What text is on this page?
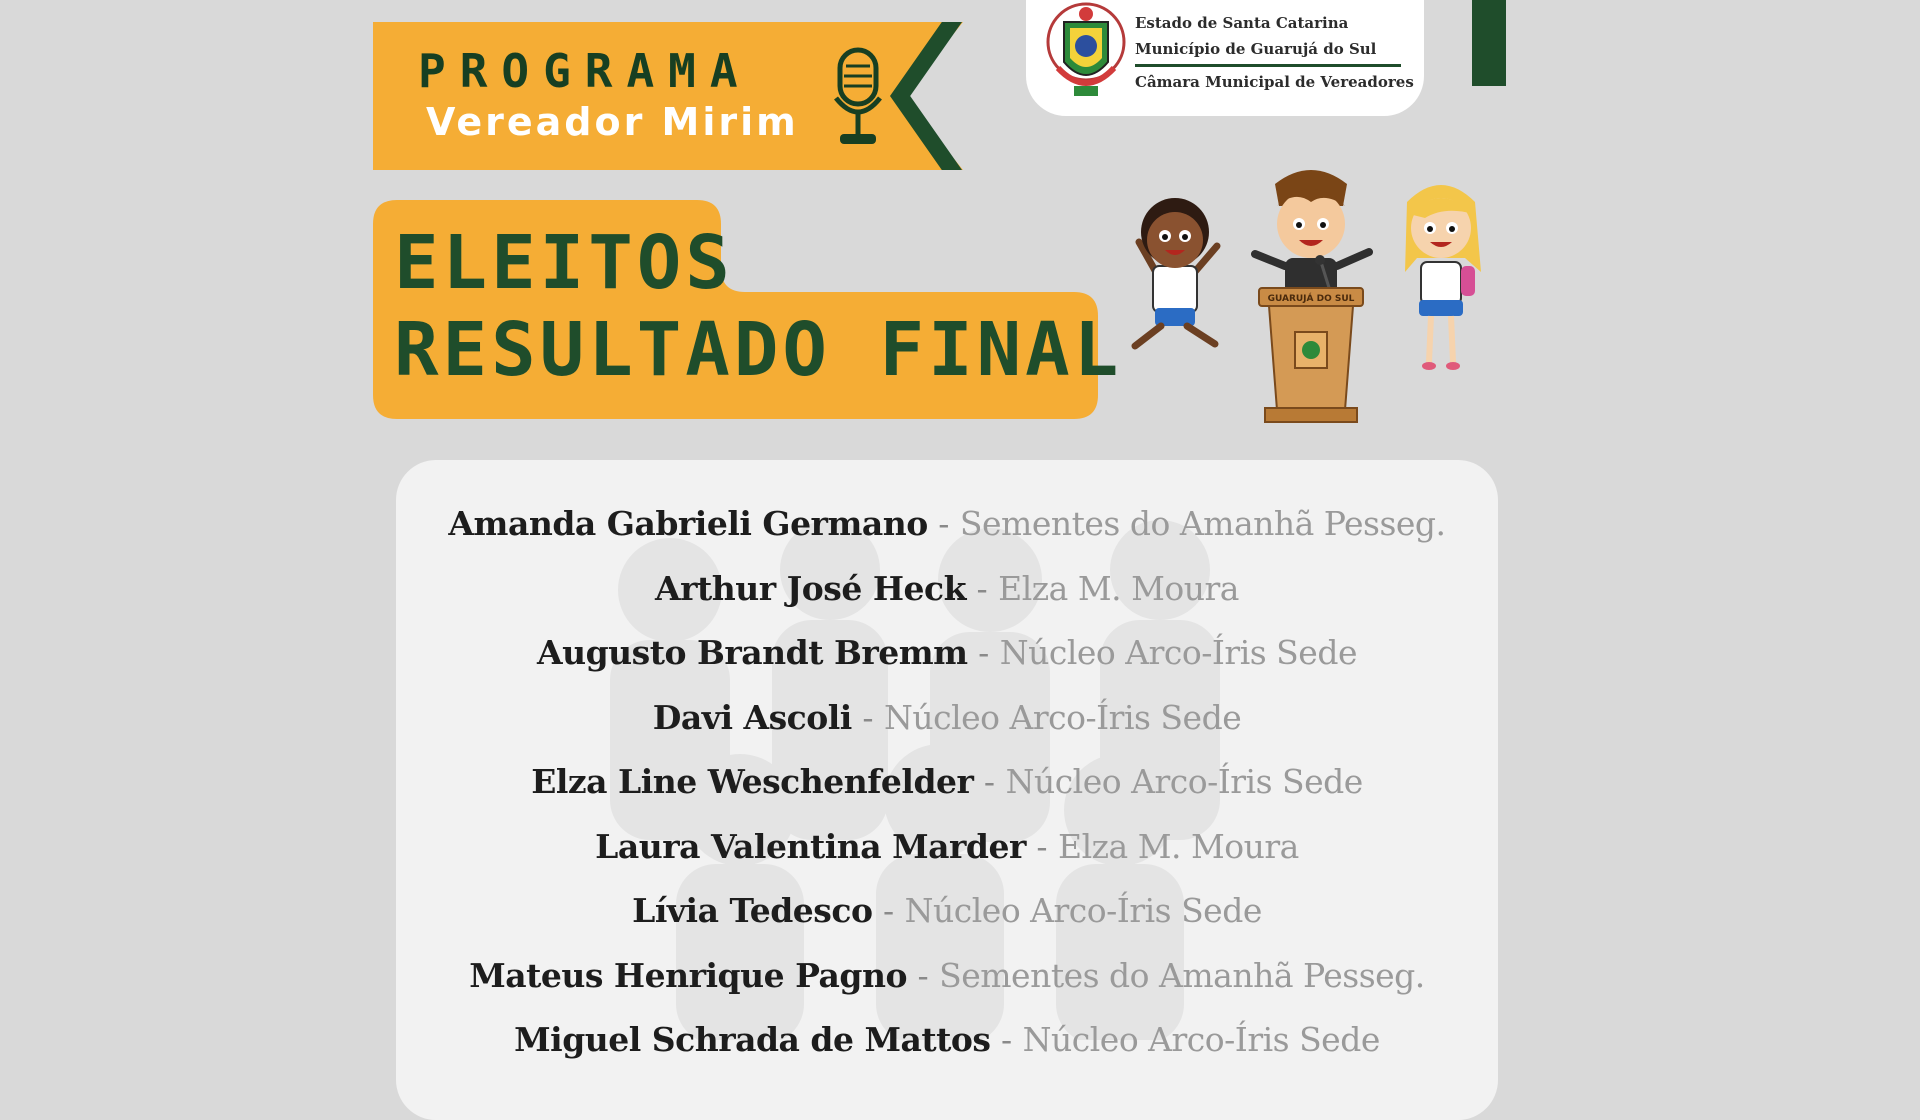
PROGRAMA
Vereador Mirim
Estado de Santa Catarina
Município de Guarujá do Sul
Câmara Municipal de Vereadores
ELEITOS
RESULTADO FINAL
GUARUJÁ DO SUL
Amanda Gabrieli Germano - Sementes do Amanhã Pesseg.
Arthur José Heck - Elza M. Moura
Augusto Brandt Bremm - Núcleo Arco-Íris Sede
Davi Ascoli - Núcleo Arco-Íris Sede
Elza Line Weschenfelder - Núcleo Arco-Íris Sede
Laura Valentina Marder - Elza M. Moura
Lívia Tedesco - Núcleo Arco-Íris Sede
Mateus Henrique Pagno - Sementes do Amanhã Pesseg.
Miguel Schrada de Mattos - Núcleo Arco-Íris Sede
